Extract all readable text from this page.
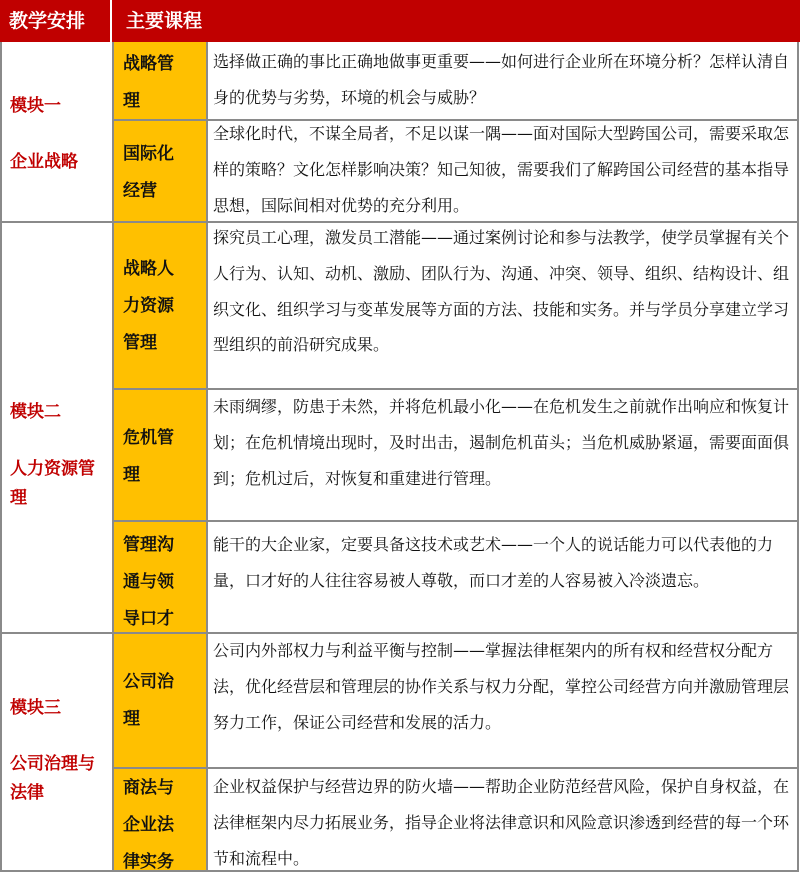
教学安排	主要课程
模块一
企业战略
模块二
人力资源管
理
模块三
公司治理与
法律
战略管
理
国际化
经营
战略人
力资源
管理
危机管
理
管理沟
通与领
导口才
公司治
理
商法与
企业法
律实务
选择做正确的事比正确地做事更重要——如何进行企业所在环境分析？怎样认清自身的优势与劣势，环境的机会与威胁？
全球化时代，不谋全局者，不足以谋一隅——面对国际大型跨国公司，需要采取怎样的策略？文化怎样影响决策？知己知彼，需要我们了解跨国公司经营的基本指导思想，国际间相对优势的充分利用。
探究员工心理，激发员工潜能——通过案例讨论和参与法教学，使学员掌握有关个人行为、认知、动机、激励、团队行为、沟通、冲突、领导、组织、结构设计、组织文化、组织学习与变革发展等方面的方法、技能和实务。并与学员分享建立学习型组织的前沿研究成果。
未雨绸缪，防患于未然，并将危机最小化——在危机发生之前就作出响应和恢复计划；在危机情境出现时，及时出击，遏制危机苗头；当危机威胁紧逼，需要面面俱到；危机过后，对恢复和重建进行管理。
能干的大企业家，定要具备这技术或艺术——一个人的说话能力可以代表他的力量，口才好的人往往容易被人尊敬，而口才差的人容易被入冷淡遗忘。
公司内外部权力与利益平衡与控制——掌握法律框架内的所有权和经营权分配方法，优化经营层和管理层的协作关系与权力分配，掌控公司经营方向并激励管理层努力工作，保证公司经营和发展的活力。
企业权益保护与经营边界的防火墙——帮助企业防范经营风险，保护自身权益，在法律框架内尽力拓展业务，指导企业将法律意识和风险意识渗透到经营的每一个环节和流程中。
